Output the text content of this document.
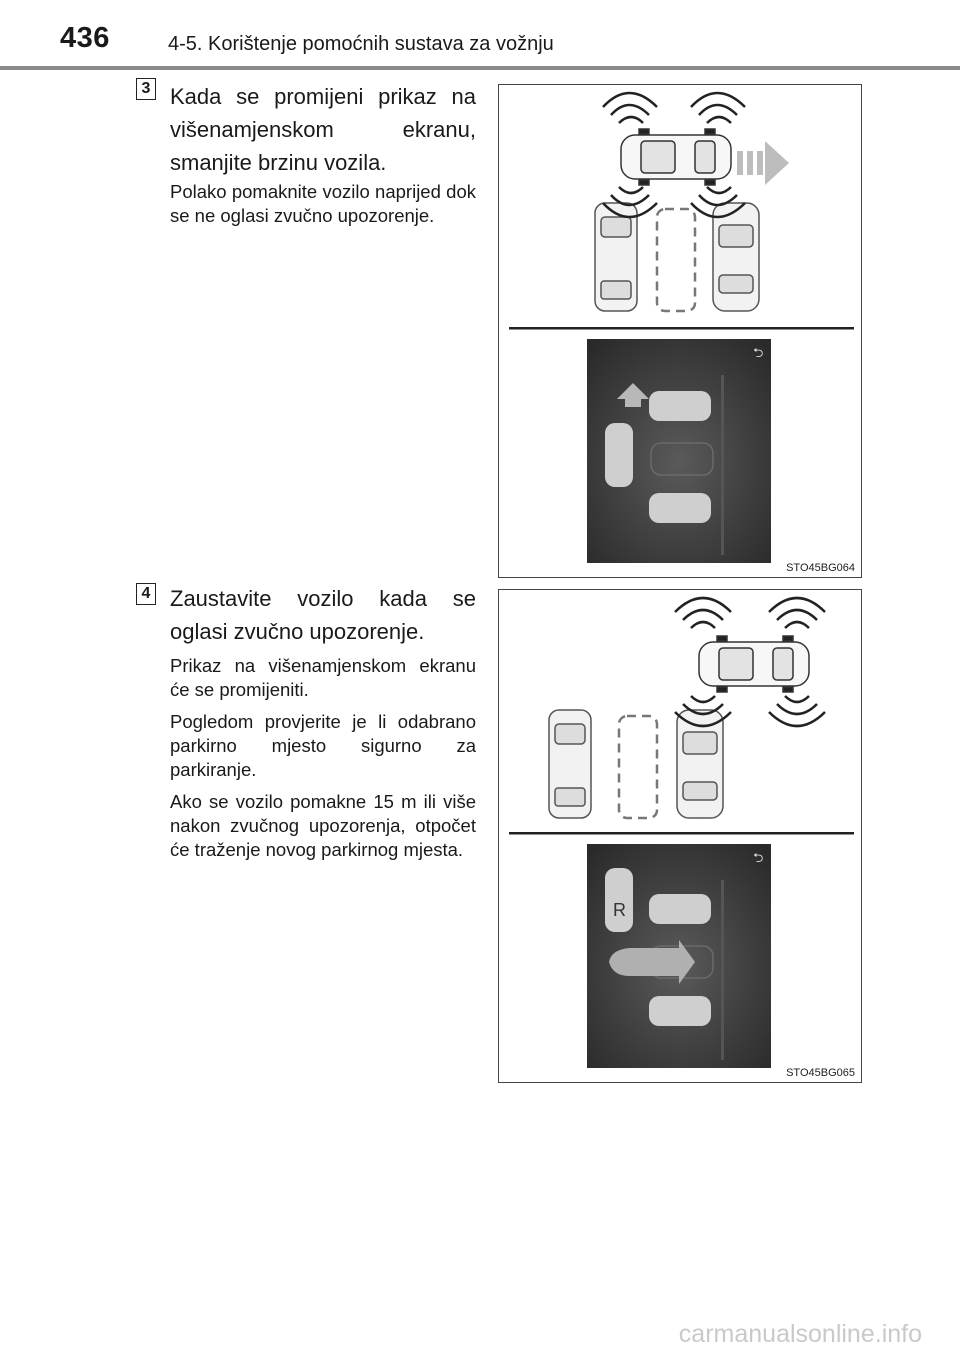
436	4-5. Korištenje pomoćnih sustava za vožnju
3 Kada se promijeni prikaz na višenamjenskom ekranu, smanjite brzinu vozila.

Polako pomaknite vozilo naprijed dok se ne oglasi zvučno upozorenje.

⮌
STO45BG064
4 Zaustavite vozilo kada se oglasi zvučno upozorenje.

Prikaz na višenamjenskom ekranu će se promijeniti.

Pogledom provjerite je li odabrano parkirno mjesto sigurno za parkiranje.

Ako se vozilo pomakne 15 m ili više nakon zvučnog upozorenja, otpočet će traženje novog parkirnog mjesta.	⮌
R
STO45BG065
carmanualsonline.info
